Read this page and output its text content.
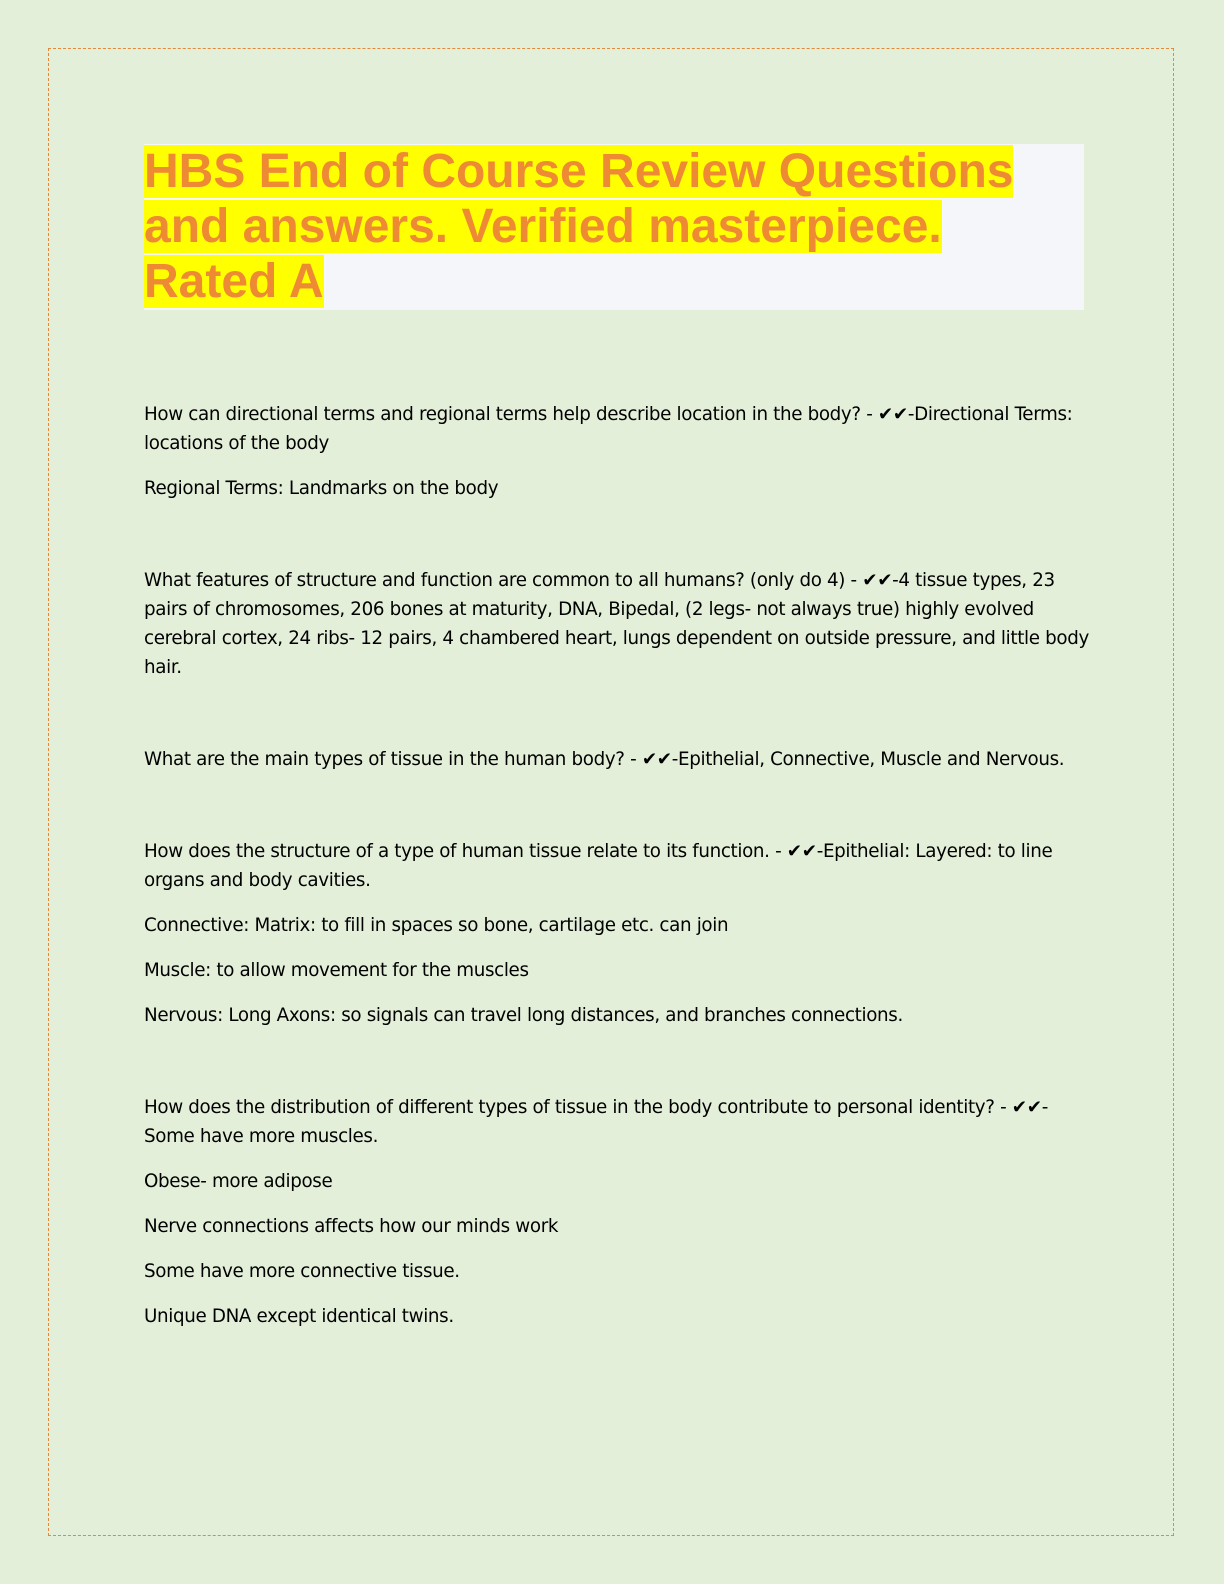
HBS End of Course Review Questions and answers. Verified masterpiece. Rated A

How can directional terms and regional terms help describe location in the body? - ✔✔-Directional Terms: locations of the body

Regional Terms: Landmarks on the body

What features of structure and function are common to all humans? (only do 4) - ✔✔-4 tissue types, 23 pairs of chromosomes, 206 bones at maturity, DNA, Bipedal, (2 legs- not always true) highly evolved cerebral cortex, 24 ribs- 12 pairs, 4 chambered heart, lungs dependent on outside pressure, and little body hair.

What are the main types of tissue in the human body? - ✔✔-Epithelial, Connective, Muscle and Nervous.

How does the structure of a type of human tissue relate to its function. - ✔✔-Epithelial: Layered: to line organs and body cavities.

Connective: Matrix: to fill in spaces so bone, cartilage etc. can join

Muscle: to allow movement for the muscles

Nervous: Long Axons: so signals can travel long distances, and branches connections.

How does the distribution of different types of tissue in the body contribute to personal identity? - ✔✔-Some have more muscles.

Obese- more adipose

Nerve connections affects how our minds work

Some have more connective tissue.

Unique DNA except identical twins.
